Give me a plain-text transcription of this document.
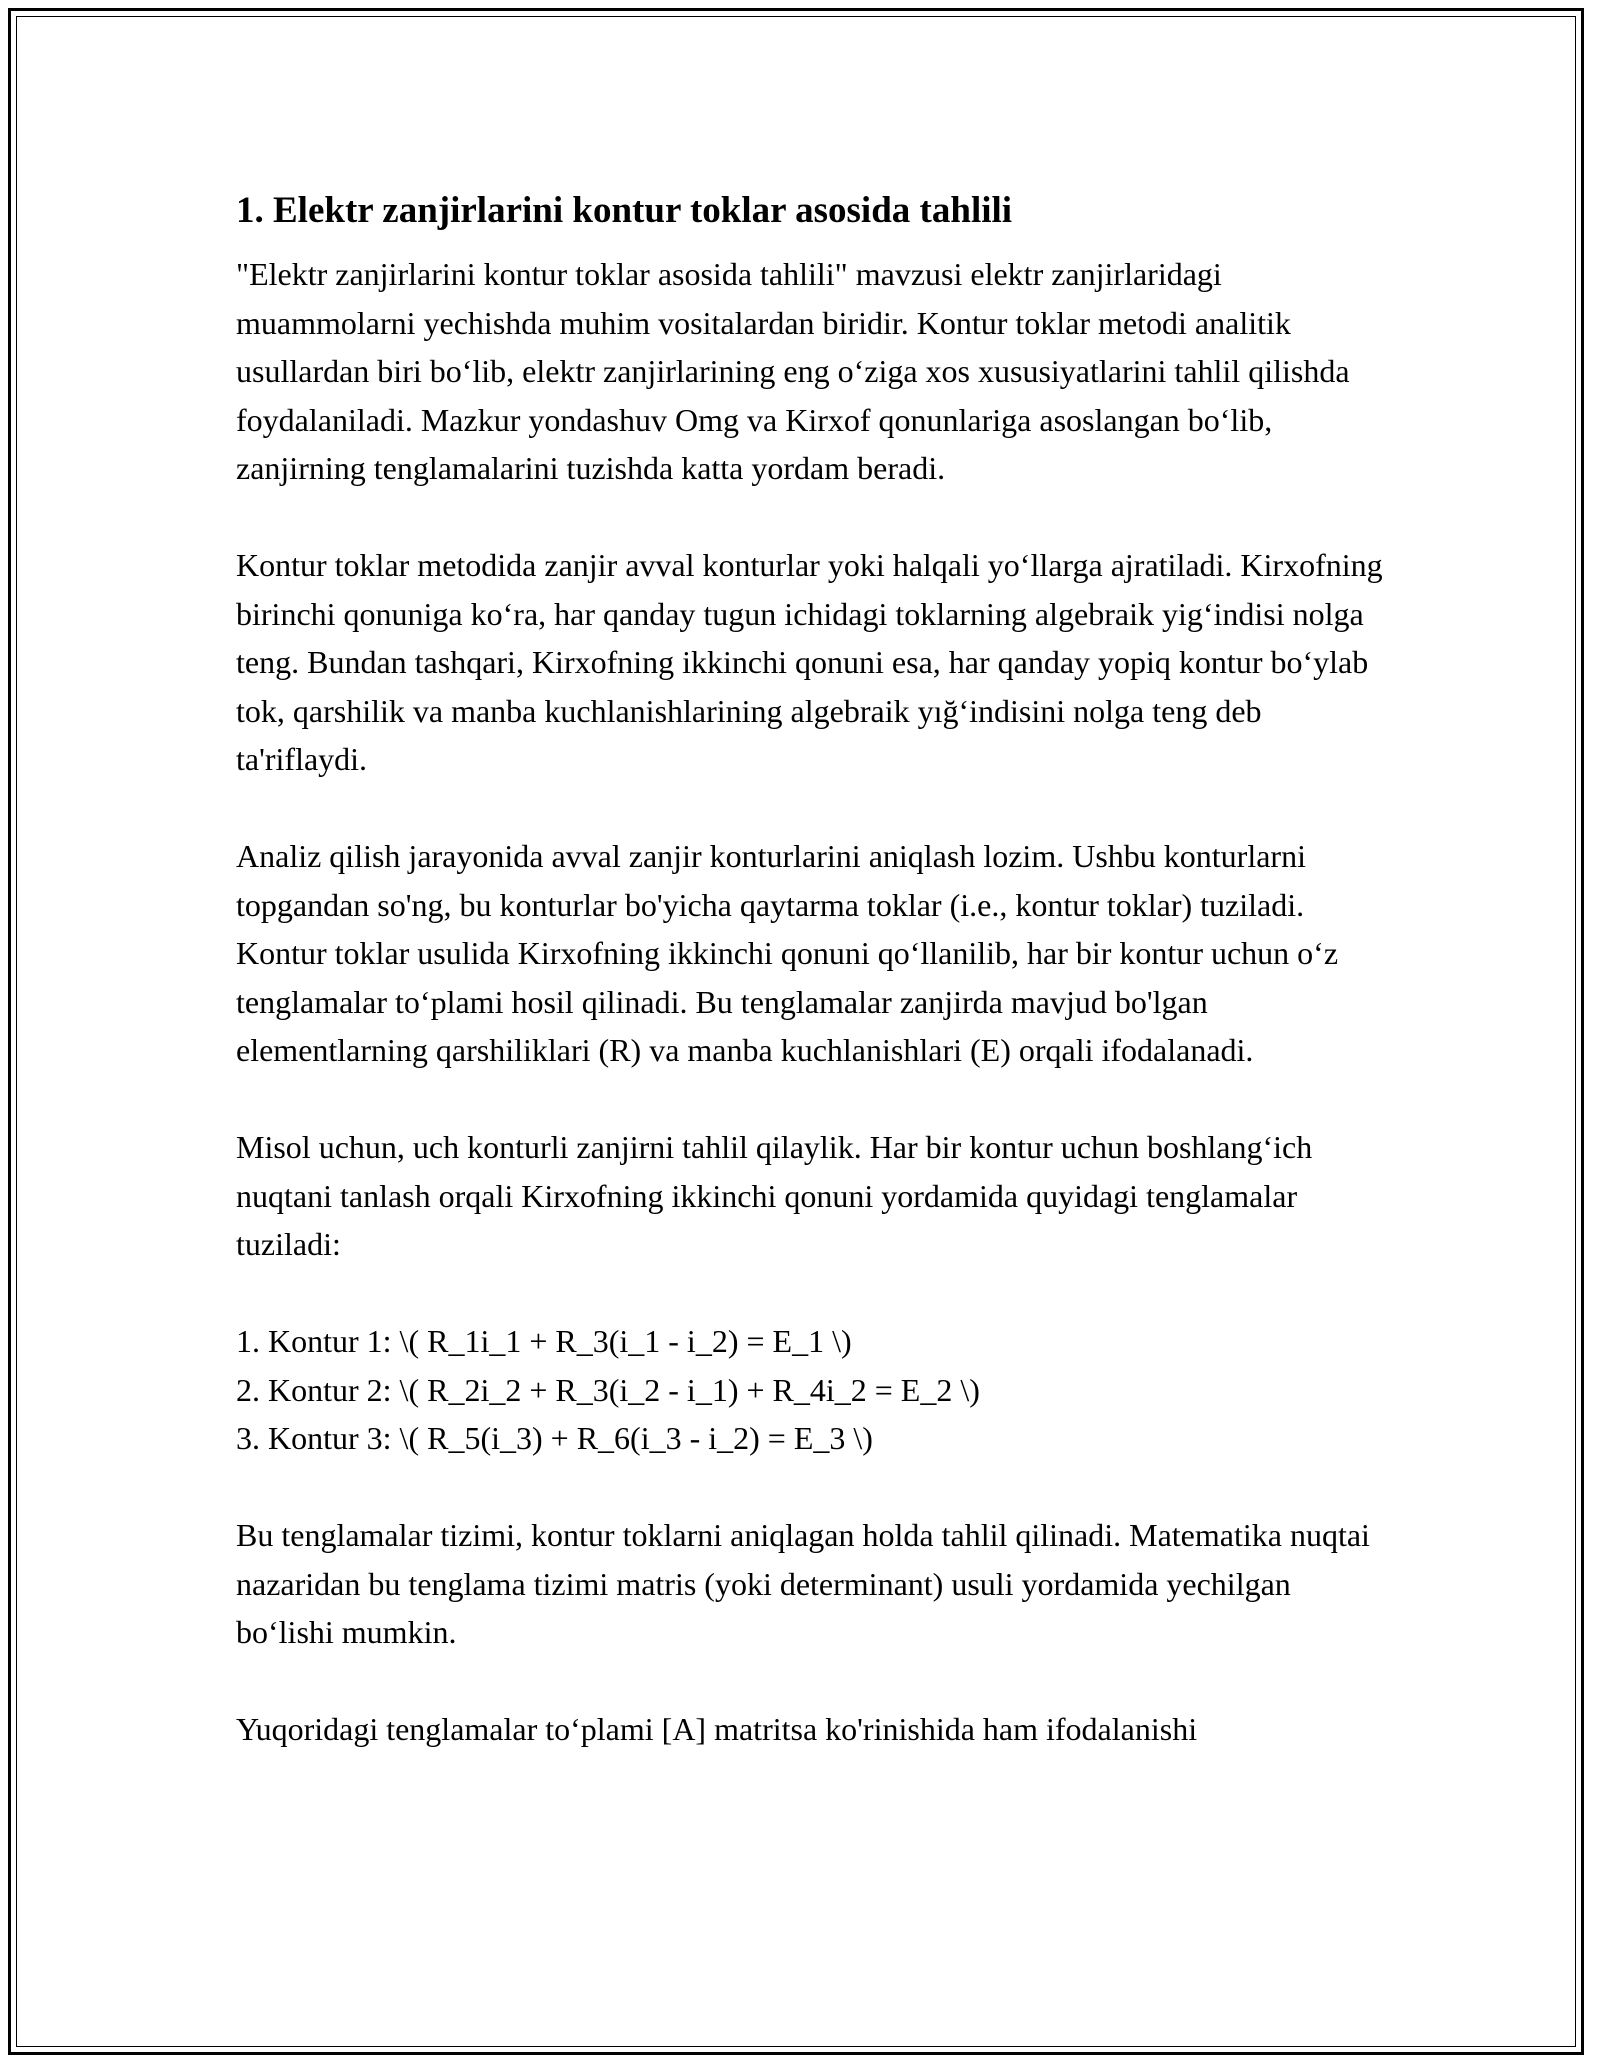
1. Elektr zanjirlarini kontur toklar asosida tahlili

"Elektr zanjirlarini kontur toklar asosida tahlili" mavzusi elektr zanjirlaridagi muammolarni yechishda muhim vositalardan biridir. Kontur toklar metodi analitik usullardan biri bo‘lib, elektr zanjirlarining eng o‘ziga xos xususiyatlarini tahlil qilishda foydalaniladi. Mazkur yondashuv Omg va Kirxof qonunlariga asoslangan bo‘lib, zanjirning tenglamalarini tuzishda katta yordam beradi.

Kontur toklar metodida zanjir avval konturlar yoki halqali yo‘llarga ajratiladi. Kirxofning birinchi qonuniga ko‘ra, har qanday tugun ichidagi toklarning algebraik yig‘indisi nolga teng. Bundan tashqari, Kirxofning ikkinchi qonuni esa, har qanday yopiq kontur bo‘ylab tok, qarshilik va manba kuchlanishlarining algebraik yığ‘indisini nolga teng deb ta'riflaydi.

Analiz qilish jarayonida avval zanjir konturlarini aniqlash lozim. Ushbu konturlarni topgandan so'ng, bu konturlar bo'yicha qaytarma toklar (i.e., kontur toklar) tuziladi. Kontur toklar usulida Kirxofning ikkinchi qonuni qo‘llanilib, har bir kontur uchun o‘z tenglamalar to‘plami hosil qilinadi. Bu tenglamalar zanjirda mavjud bo'lgan elementlarning qarshiliklari (R) va manba kuchlanishlari (E) orqali ifodalanadi.

Misol uchun, uch konturli zanjirni tahlil qilaylik. Har bir kontur uchun boshlang‘ich nuqtani tanlash orqali Kirxofning ikkinchi qonuni yordamida quyidagi tenglamalar tuziladi:

1. Kontur 1: \( R_1i_1 + R_3(i_1 - i_2) = E_1 \)
2. Kontur 2: \( R_2i_2 + R_3(i_2 - i_1) + R_4i_2 = E_2 \)
3. Kontur 3: \( R_5(i_3) + R_6(i_3 - i_2) = E_3 \)

Bu tenglamalar tizimi, kontur toklarni aniqlagan holda tahlil qilinadi. Matematika nuqtai nazaridan bu tenglama tizimi matris (yoki determinant) usuli yordamida yechilgan bo‘lishi mumkin.

Yuqoridagi tenglamalar to‘plami [A] matritsa ko'rinishida ham ifodalanishi
